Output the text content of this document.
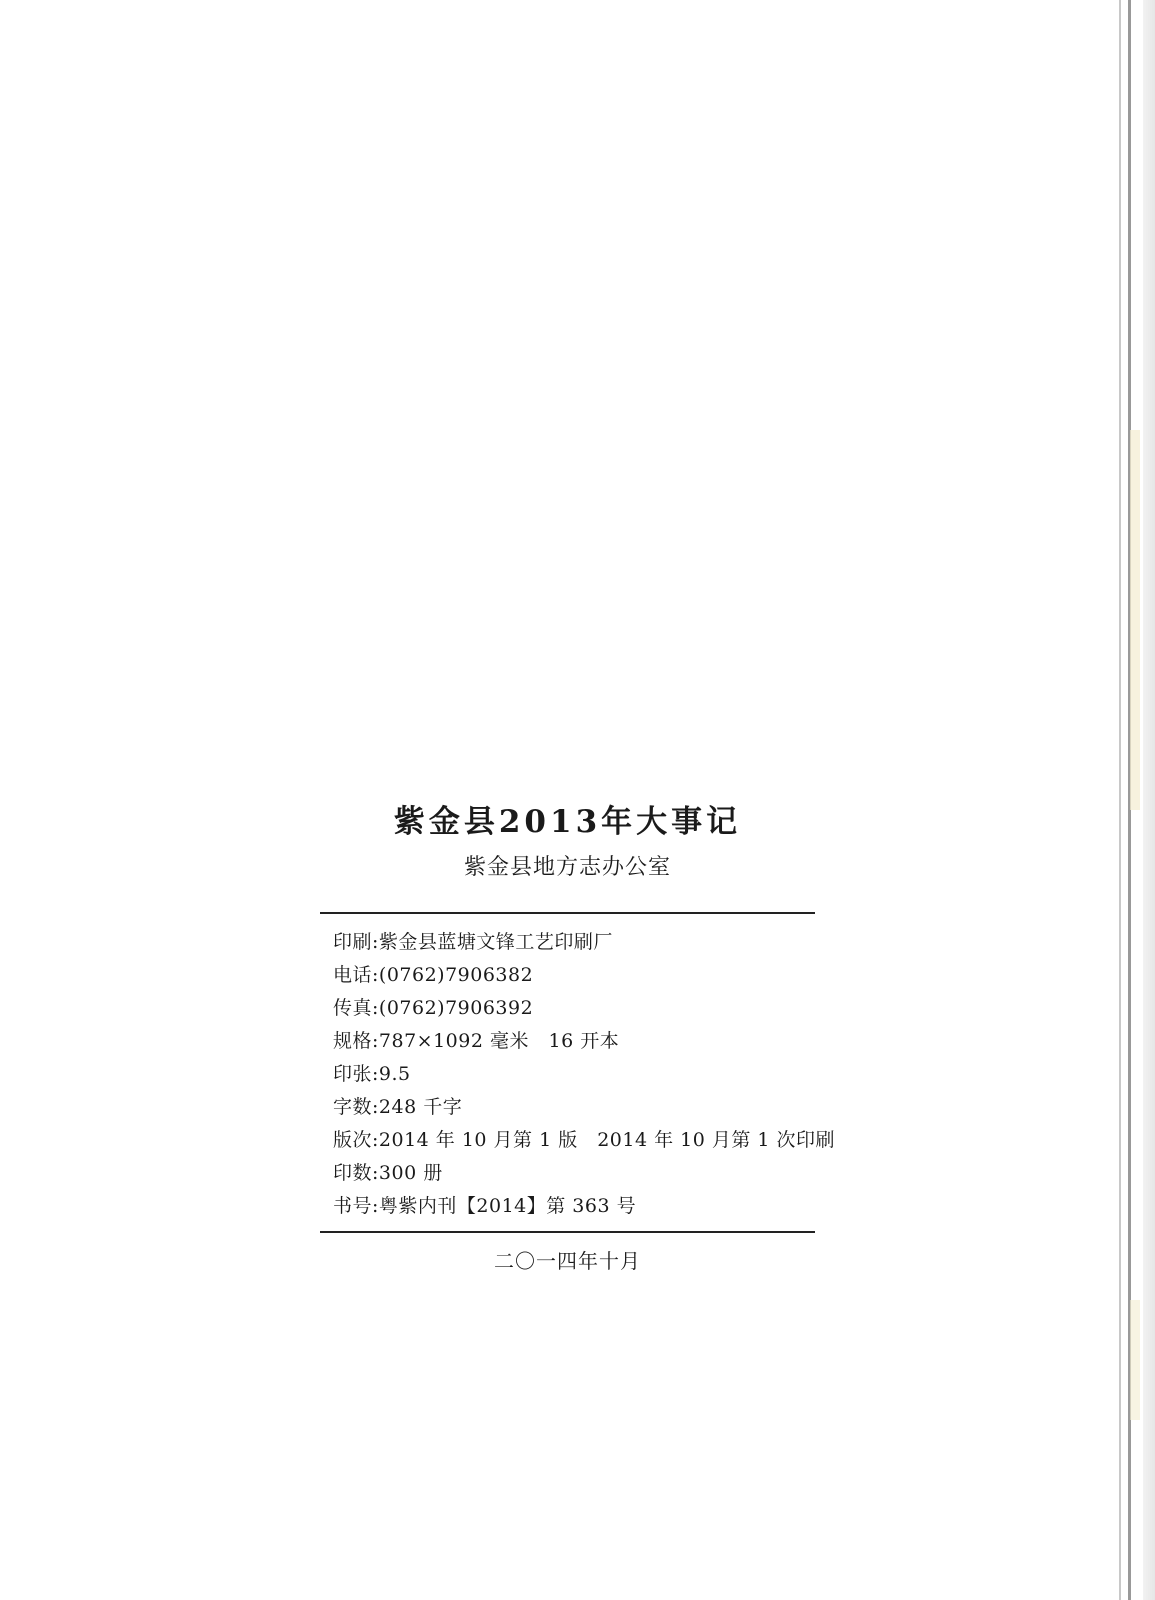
紫金县2013年大事记
紫金县地方志办公室
印刷:紫金县蓝塘文锋工艺印刷厂
电话:(0762)7906382
传真:(0762)7906392
规格:787×1092 毫米　16 开本
印张:9.5
字数:248 千字
版次:2014 年 10 月第 1 版　2014 年 10 月第 1 次印刷
印数:300 册
书号:粤紫内刊【2014】第 363 号
二〇一四年十月
